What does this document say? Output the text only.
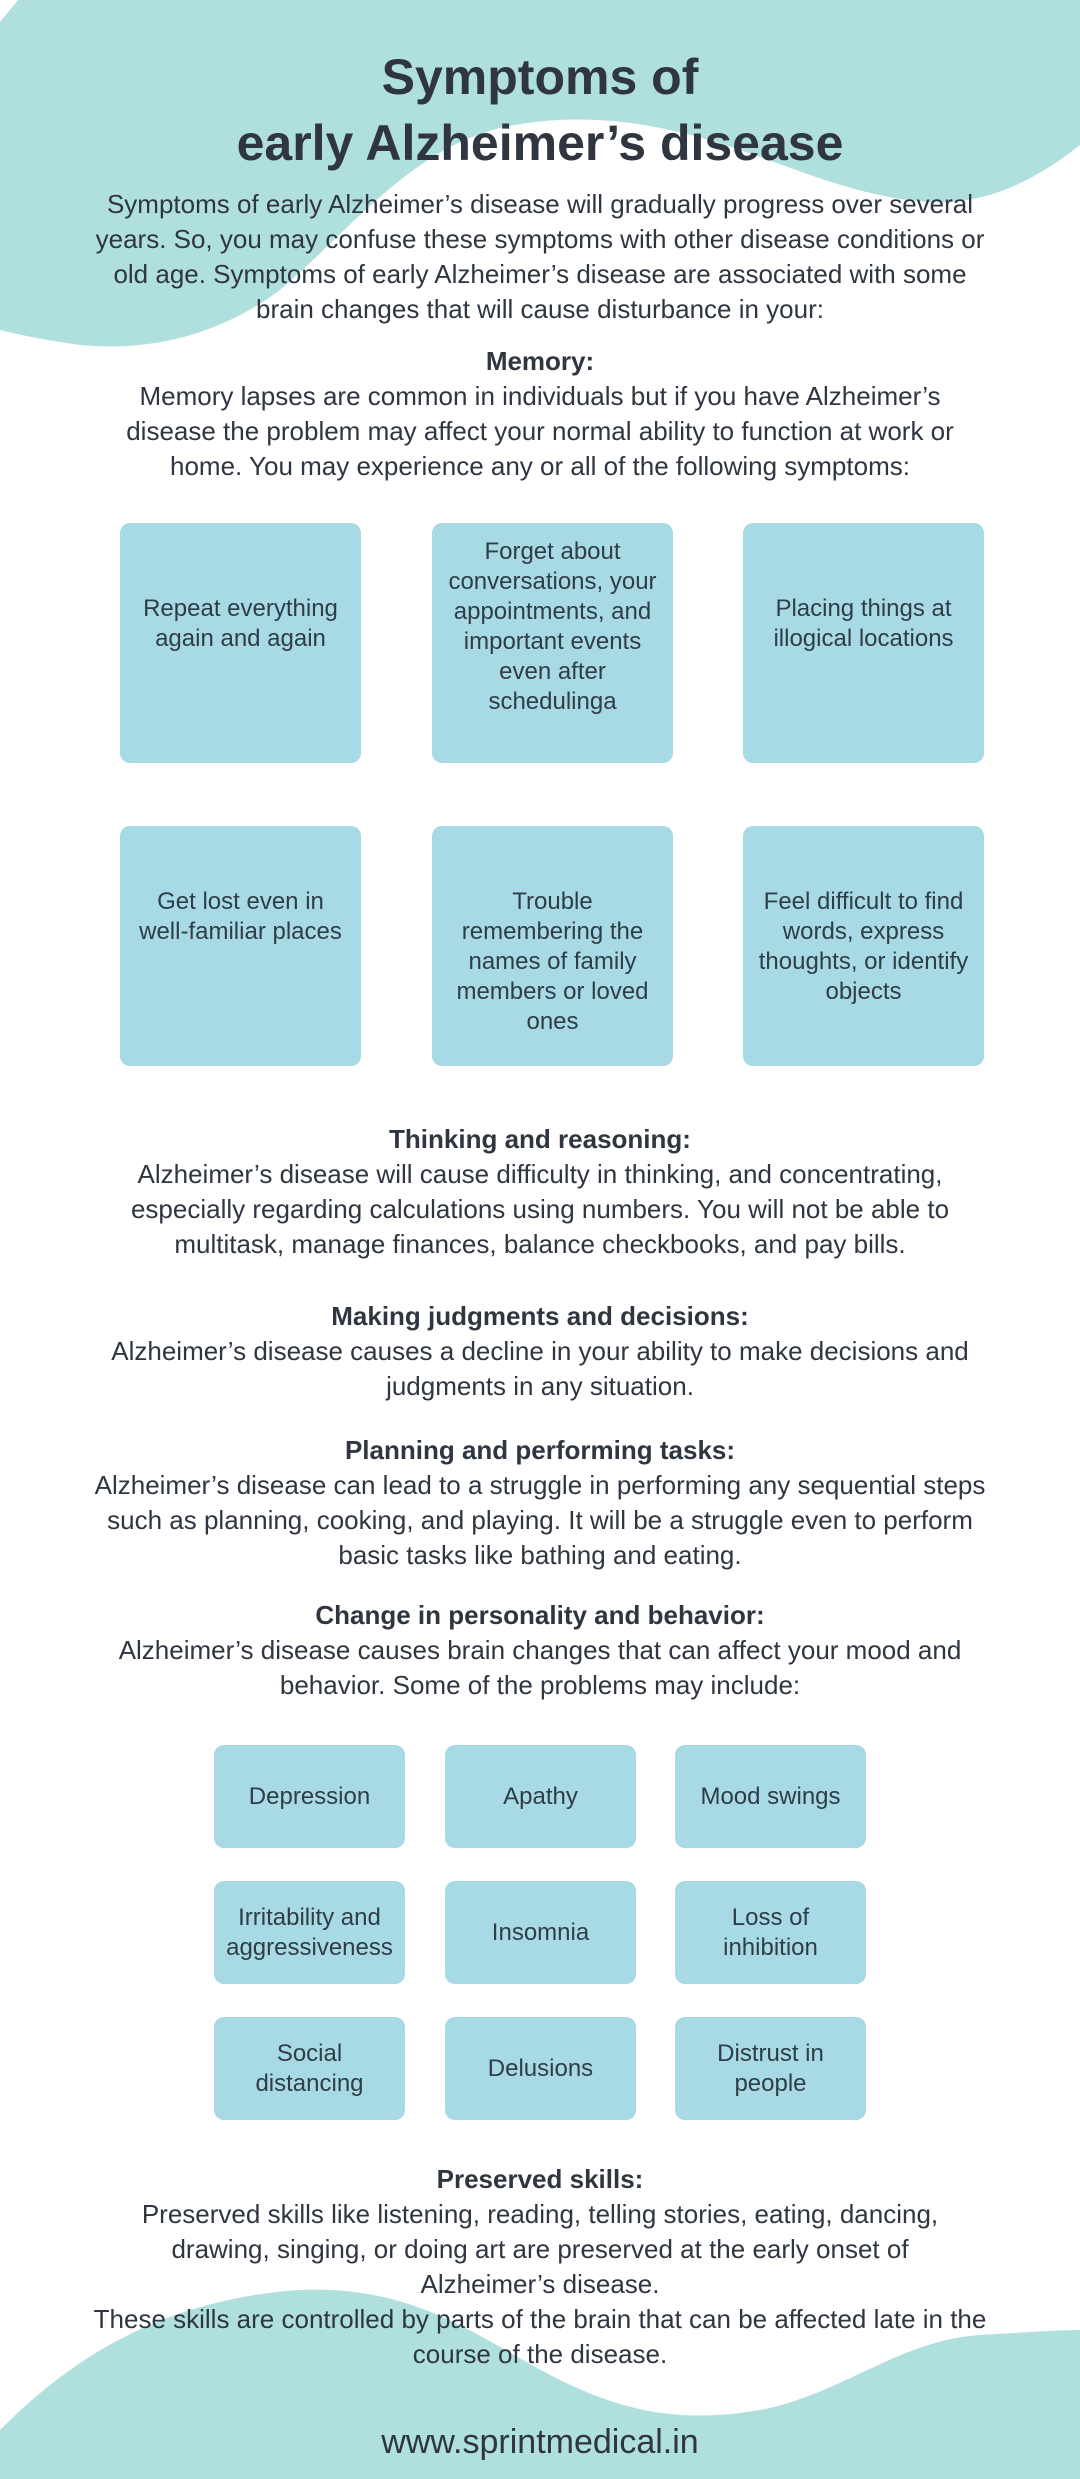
Symptoms of
early Alzheimer’s disease

Symptoms of early Alzheimer’s disease will gradually progress over several years. So, you may confuse these symptoms with other disease conditions or old age. Symptoms of early Alzheimer’s disease are associated with some brain changes that will cause disturbance in your:

Memory:

Memory lapses are common in individuals but if you have Alzheimer’s disease the problem may affect your normal ability to function at work or home. You may experience any or all of the following symptoms:

Repeat everything again and again
Forget about conversations, your appointments, and important events even after schedulinga
Placing things at illogical locations
Get lost even in well-familiar places
Trouble remembering the names of family members or loved ones
Feel difficult to find words, express thoughts, or identify objects
Thinking and reasoning:

Alzheimer’s disease will cause difficulty in thinking, and concentrating, especially regarding calculations using numbers. You will not be able to multitask, manage finances, balance checkbooks, and pay bills.

Making judgments and decisions:

Alzheimer’s disease causes a decline in your ability to make decisions and judgments in any situation.

Planning and performing tasks:

Alzheimer’s disease can lead to a struggle in performing any sequential steps such as planning, cooking, and playing. It will be a struggle even to perform basic tasks like bathing and eating.

Change in personality and behavior:

Alzheimer’s disease causes brain changes that can affect your mood and behavior. Some of the problems may include:

Depression	Apathy	Mood swings
Irritability and aggressiveness
Insomnia
Loss of inhibition
Social distancing
Delusions
Distrust in people
Preserved skills:

Preserved skills like listening, reading, telling stories, eating, dancing, drawing, singing, or doing art are preserved at the early onset of Alzheimer’s disease.

These skills are controlled by parts of the brain that can be affected late in the course of the disease.

www.sprintmedical.in
